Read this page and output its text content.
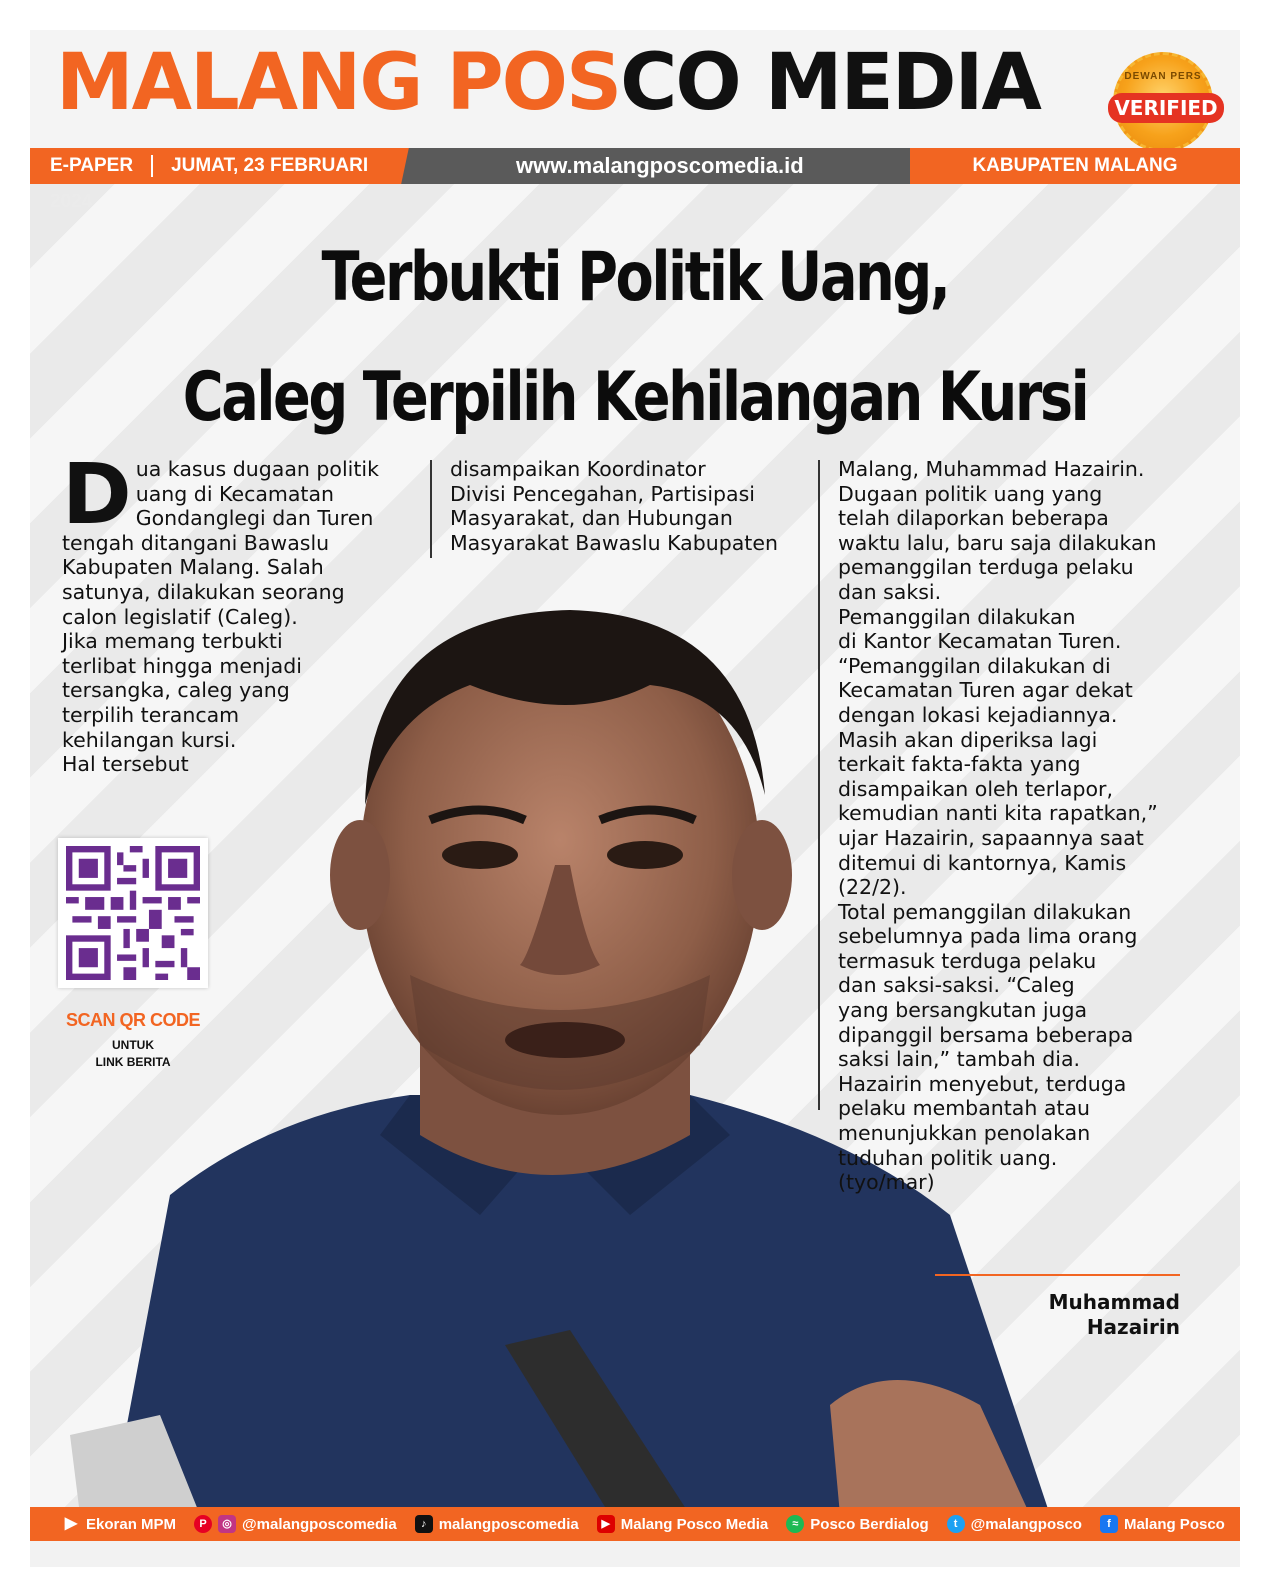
MALANG POSCO MEDIA	DEWAN PERS
VERIFIED
E-PAPER JUMAT, 23 FEBRUARI	www.malangposcomedia.id	KABUPATEN MALANG
Terbukti Politik Uang,
Caleg Terpilih Kehilangan Kursi
Dua kasus dugaan politik
uang di Kecamatan
Gondanglegi dan Turen
tengah ditangani Bawaslu
Kabupaten Malang. Salah
satunya, dilakukan seorang
calon legislatif (Caleg).
Jika memang terbukti
terlibat hingga menjadi
tersangka, caleg yang
terpilih terancam
kehilangan kursi.
Hal tersebut
disampaikan Koordinator
Divisi Pencegahan, Partisipasi
Masyarakat, dan Hubungan
Masyarakat Bawaslu Kabupaten
Malang, Muhammad Hazairin.
Dugaan politik uang yang
telah dilaporkan beberapa
waktu lalu, baru saja dilakukan
pemanggilan terduga pelaku
dan saksi.
Pemanggilan dilakukan
di Kantor Kecamatan Turen.
“Pemanggilan dilakukan di
Kecamatan Turen agar dekat
dengan lokasi kejadiannya.
Masih akan diperiksa lagi
terkait fakta-fakta yang
disampaikan oleh terlapor,
kemudian nanti kita rapatkan,”
ujar Hazairin, sapaannya saat
ditemui di kantornya, Kamis
(22/2).
Total pemanggilan dilakukan
sebelumnya pada lima orang
termasuk terduga pelaku
dan saksi-saksi. “Caleg
yang bersangkutan juga
dipanggil bersama beberapa
saksi lain,” tambah dia.
Hazairin menyebut, terduga
pelaku membantah atau
menunjukkan penolakan
tuduhan politik uang.
(tyo/mar)
SCAN QR CODE
UNTUK
LINK BERITA
Muhammad
Hazairin
▶ Ekoran MPM	P	◎ @malangposcomedia	♪ malangposcomedia	▶ Malang Posco Media	≈ Posco Berdialog	t @malangposco	f Malang Posco
